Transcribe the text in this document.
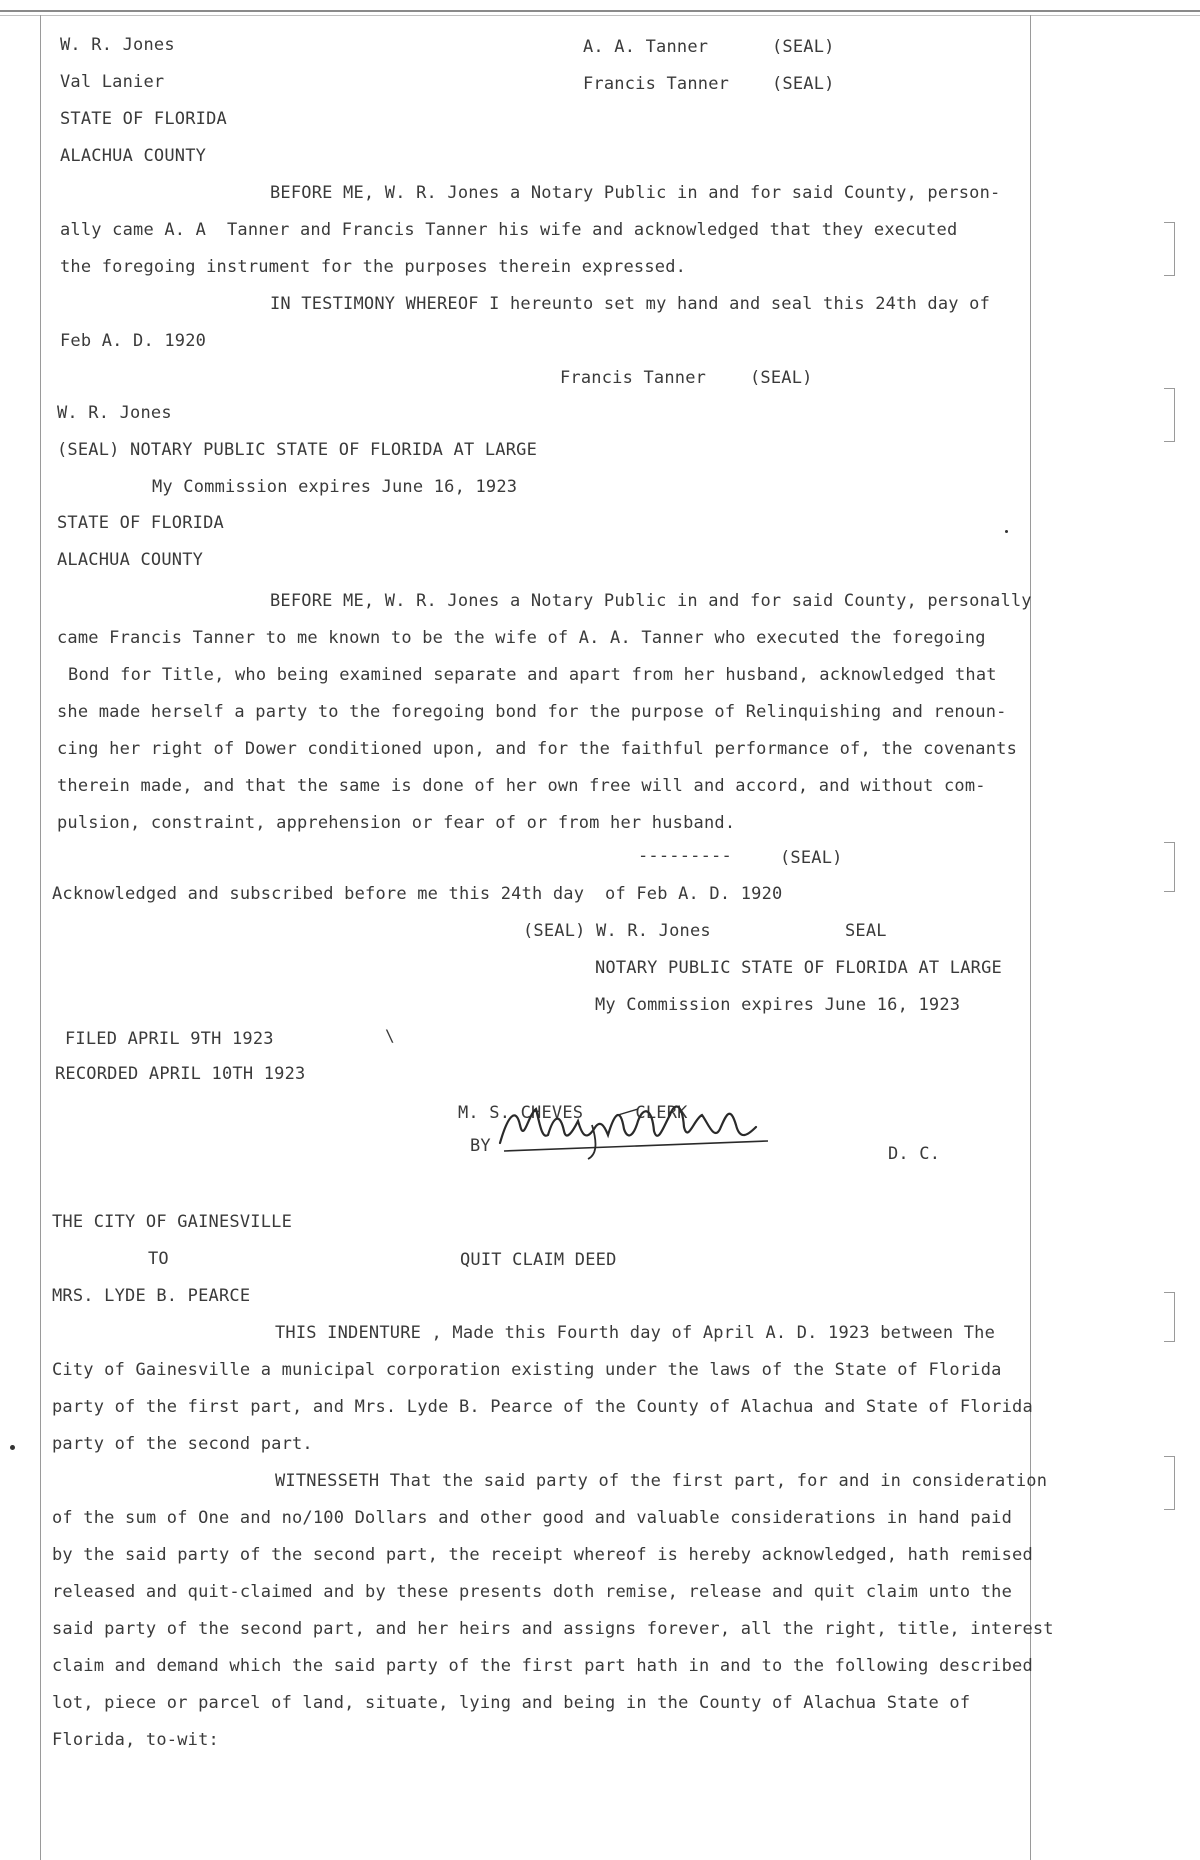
W. R. Jones
Val Lanier
A. A. Tanner	(SEAL)
Francis Tanner	(SEAL)
STATE OF FLORIDA
ALACHUA COUNTY
BEFORE ME, W. R. Jones a Notary Public in and for said County, person-
ally came A. A  Tanner and Francis Tanner his wife and acknowledged that they executed
the foregoing instrument for the purposes therein expressed.
IN TESTIMONY WHEREOF I hereunto set my hand and seal this 24th day of
Feb A. D. 1920
Francis Tanner	(SEAL)
W. R. Jones
(SEAL) NOTARY PUBLIC STATE OF FLORIDA AT LARGE
My Commission expires June 16, 1923
STATE OF FLORIDA
ALACHUA COUNTY
BEFORE ME, W. R. Jones a Notary Public in and for said County, personally
came Francis Tanner to me known to be the wife of A. A. Tanner who executed the foregoing
Bond for Title, who being examined separate and apart from her husband, acknowledged that
she made herself a party to the foregoing bond for the purpose of Relinquishing and renoun-
cing her right of Dower conditioned upon, and for the faithful performance of, the covenants
therein made, and that the same is done of her own free will and accord, and without com-
pulsion, constraint, apprehension or fear of or from her husband.
---------	(SEAL)
Acknowledged and subscribed before me this 24th day  of Feb A. D. 1920
(SEAL) W. R. Jones	SEAL
NOTARY PUBLIC STATE OF FLORIDA AT LARGE
My Commission expires June 16, 1923
FILED APRIL 9TH 1923	\
RECORDED APRIL 10TH 1923
M. S. CHEVES     CLERK
BY	D. C.
THE CITY OF GAINESVILLE
TO	QUIT CLAIM DEED
MRS. LYDE B. PEARCE
THIS INDENTURE , Made this Fourth day of April A. D. 1923 between The
City of Gainesville a municipal corporation existing under the laws of the State of Florida
party of the first part, and Mrs. Lyde B. Pearce of the County of Alachua and State of Florida
party of the second part.
WITNESSETH That the said party of the first part, for and in consideration
of the sum of One and no/100 Dollars and other good and valuable considerations in hand paid
by the said party of the second part, the receipt whereof is hereby acknowledged, hath remised
released and quit-claimed and by these presents doth remise, release and quit claim unto the
said party of the second part, and her heirs and assigns forever, all the right, title, interest
claim and demand which the said party of the first part hath in and to the following described
lot, piece or parcel of land, situate, lying and being in the County of Alachua State of
Florida, to-wit:
